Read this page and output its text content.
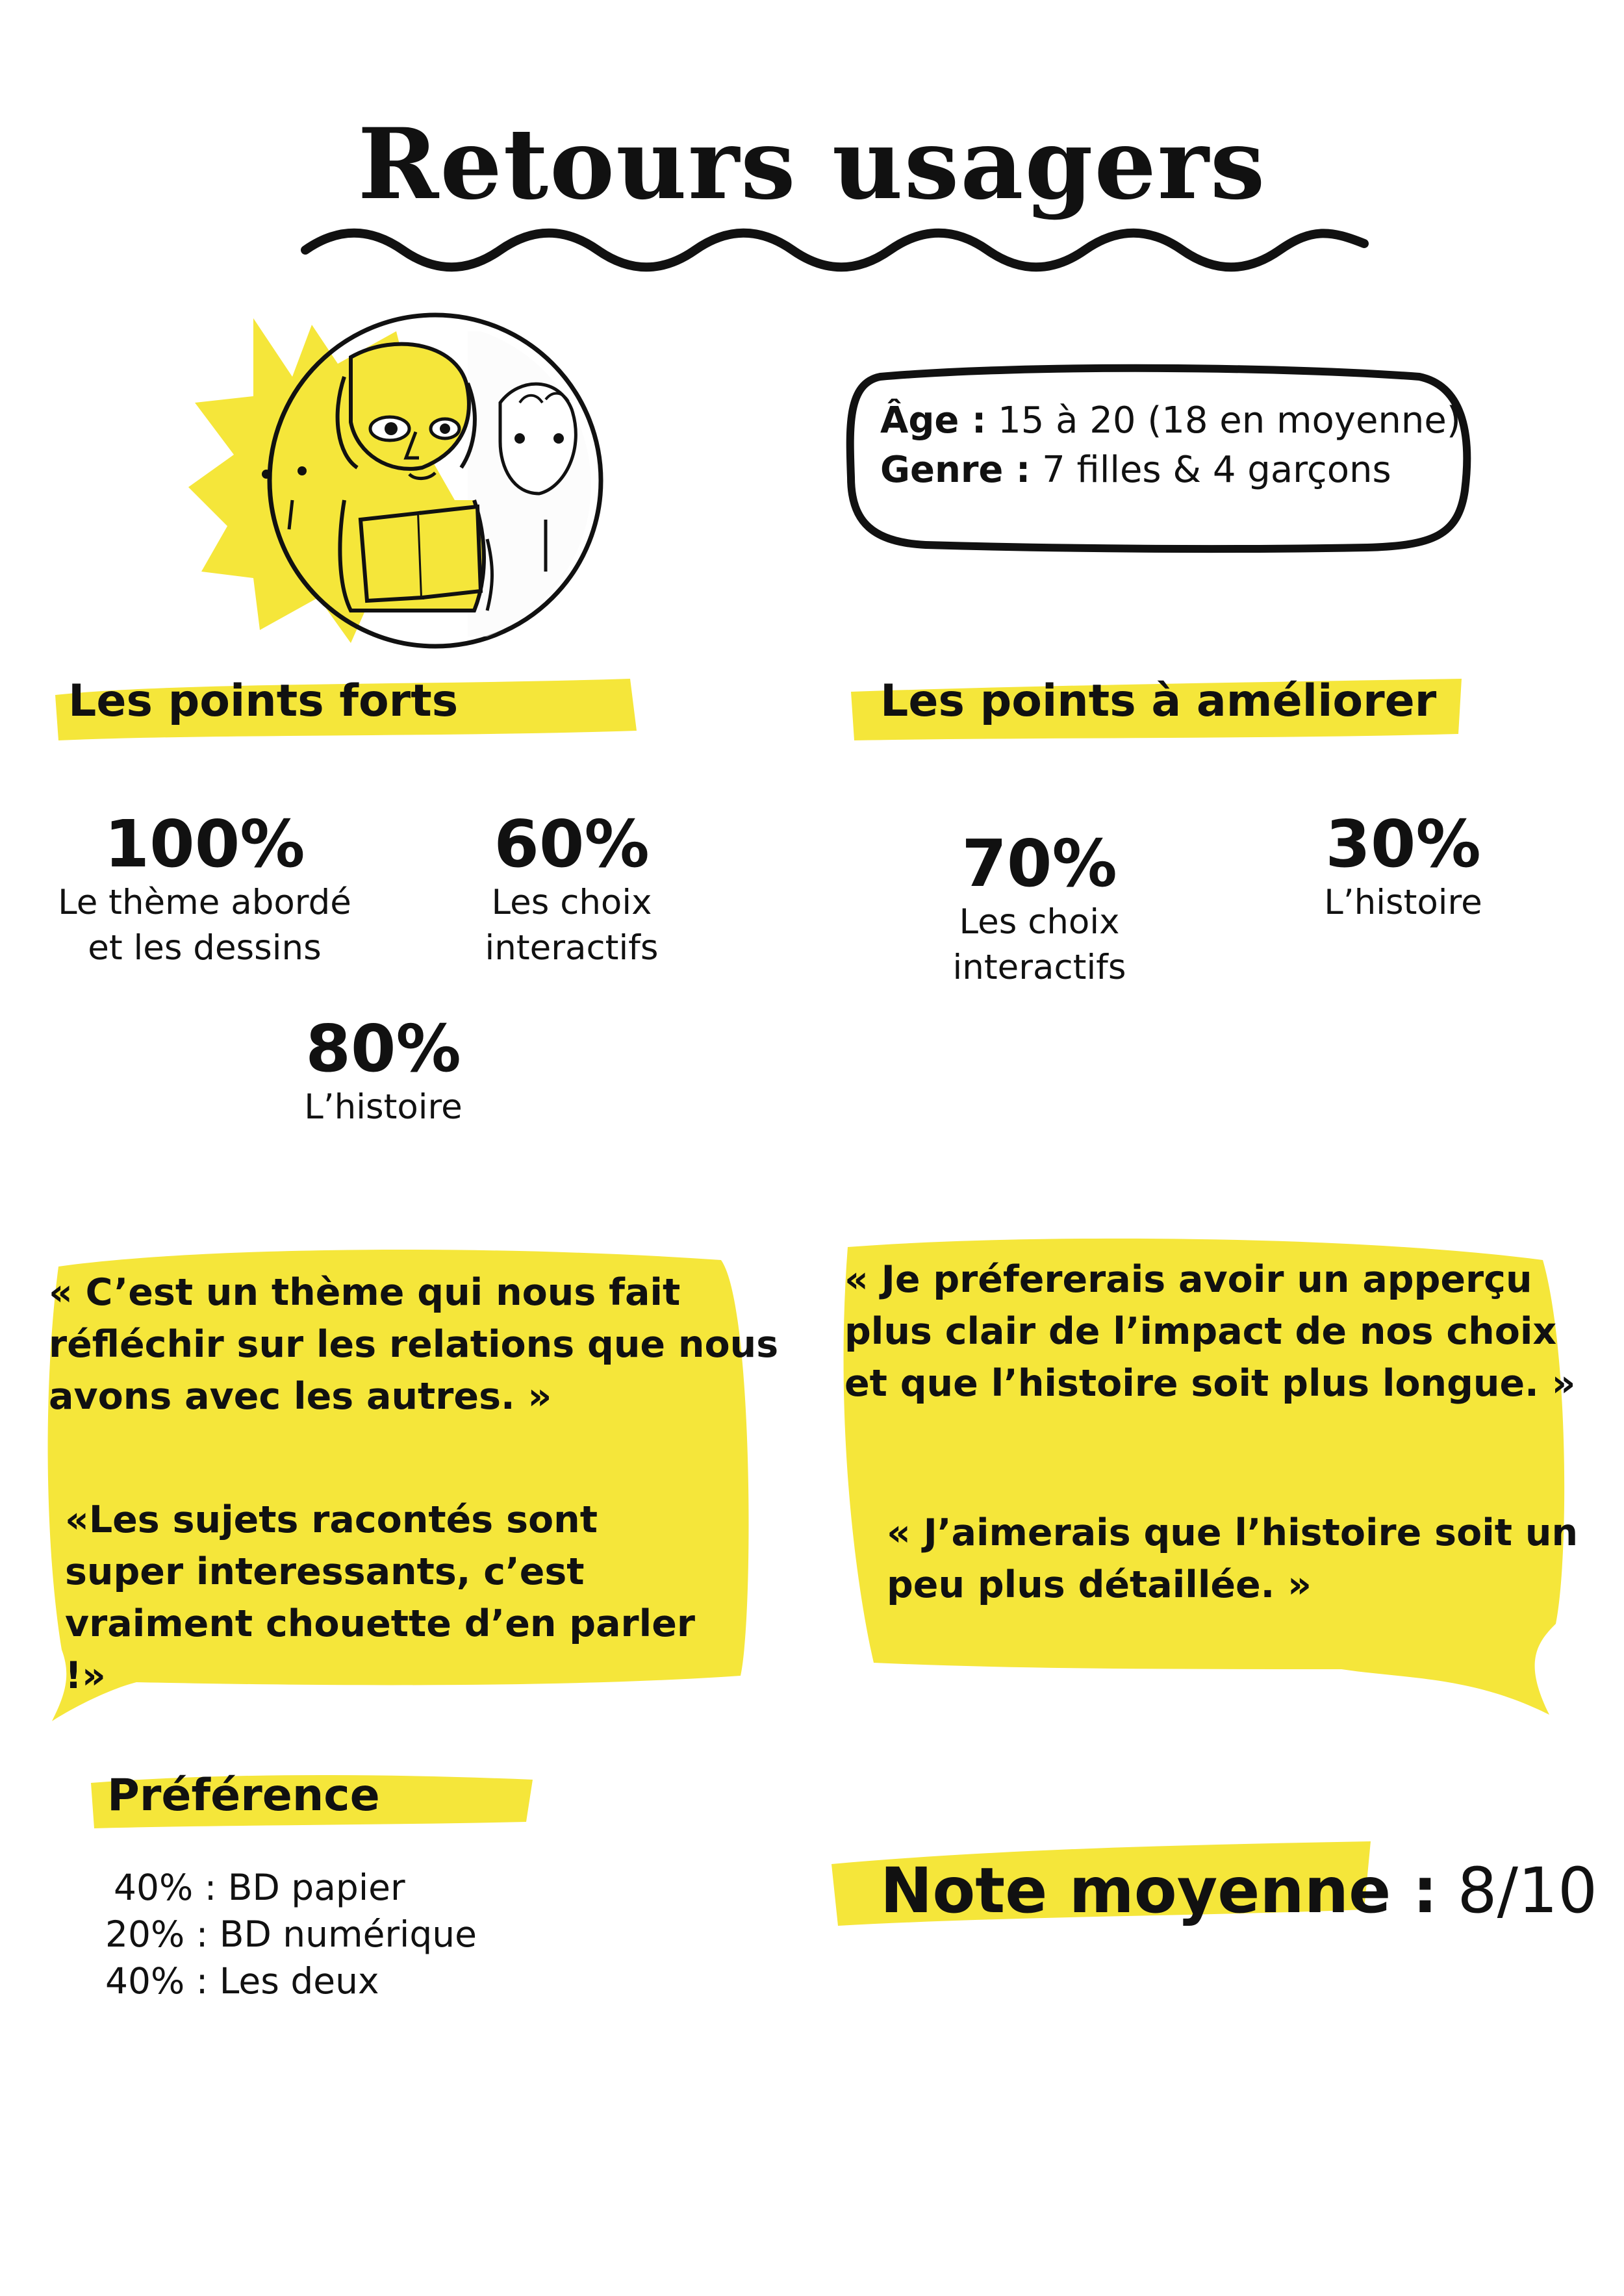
Retours usagers
Âge : 15 à 20 (18 en moyenne)
Genre : 7 filles & 4 garçons
Les points forts	Les points à améliorer
100%
Le thème abordé
et les dessins
60%
Les choix
interactifs
80%
L’histoire
70%
Les choix
interactifs
30%
L’histoire
« C’est un thème qui nous fait réfléchir sur les relations que nous avons avec les autres. »
«Les sujets racontés sont super interessants, c’est vraiment chouette d’en parler !»
« Je préfererais avoir un apperçu plus clair de l’impact de nos choix et que l’histoire soit plus longue. »
« J’aimerais que l’histoire soit un peu plus détaillée. »
Préférence
40% : BD papier
20% : BD numérique
40% : Les deux
Note moyenne : 8/10
